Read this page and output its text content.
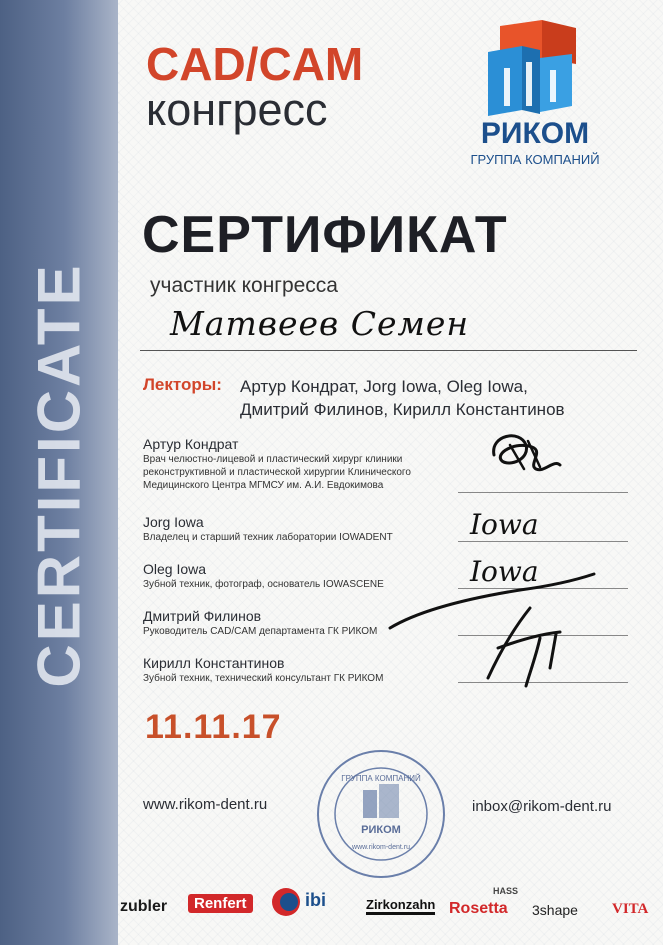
CERTIFICATE
CAD/CAM
конгресс	РИКОМ
ГРУППА КОМПАНИЙ
СЕРТИФИКАТ
участник конгресса
Матвеев Семен
Лекторы: Артур Кондрат, Jorg Iowa, Oleg Iowa,
Дмитрий Филинов, Кирилл Константинов
Артур Кондрат
Врач челюстно-лицевой и пластический хирург клиники реконструктивной и пластической хирургии Клинического Медицинского Центра МГМСУ им. А.И. Евдокимова
Jorg Iowa
Владелец и старший техник лаборатории IOWADENT
Oleg Iowa
Зубной техник, фотограф, основатель IOWASCENE
Дмитрий Филинов
Руководитель CAD/CAM департамента ГК РИКОМ
Кирилл Константинов
Зубной техник, технический консультант ГК РИКОМ
Iowa
Iowa
11.11.17
www.rikom-dent.ru	inbox@rikom-dent.ru
ГРУППА КОМПАНИЙ
РИКОМ
www.rikom-dent.ru
zubler	Renfert	ibi	Zirkonzahn
HASS
Rosetta 3shape VITA
